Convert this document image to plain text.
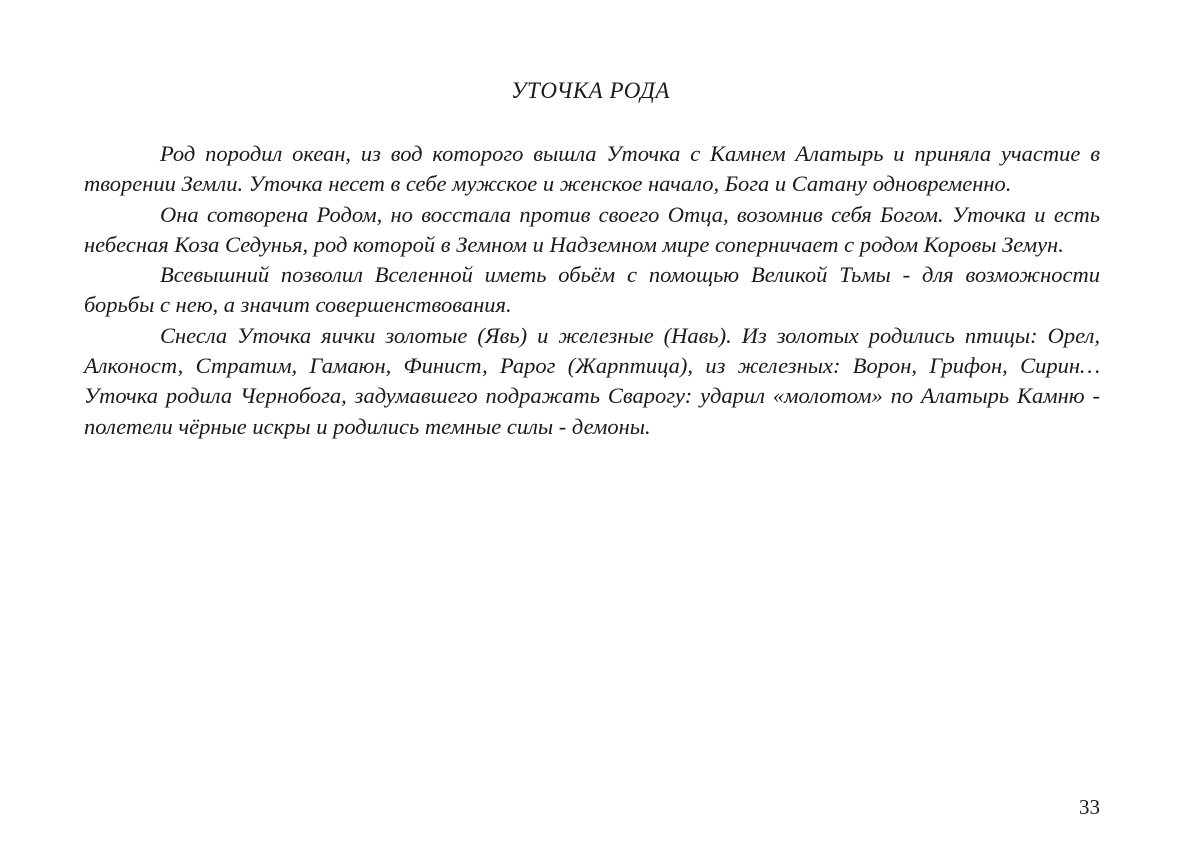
УТОЧКА РОДА

Род породил океан, из вод которого вышла Уточка с Камнем Алатырь и приняла участие в творении Земли. Уточка несет в себе мужское и женское начало, Бога и Сатану одновременно.

Она сотворена Родом, но восстала против своего Отца, возомнив себя Богом. Уточка и есть небесная Коза Седунья, род которой в Земном и Надземном мире соперничает с родом Коровы Земун.

Всевышний позволил Вселенной иметь обьём с помощью Великой Тьмы - для возможности борьбы с нею, а значит совершенствования.

Снесла Уточка яички золотые (Явь) и железные (Навь). Из золотых родились птицы: Орел, Алконост, Стратим, Гамаюн, Финист, Рарог (Жарптица), из железных: Ворон, Грифон, Сирин… Уточка родила Чернобога, задумавшего подражать Сварогу: ударил «молотом» по Алатырь Камню - полетели чёрные искры и родились темные силы - демоны.

33
